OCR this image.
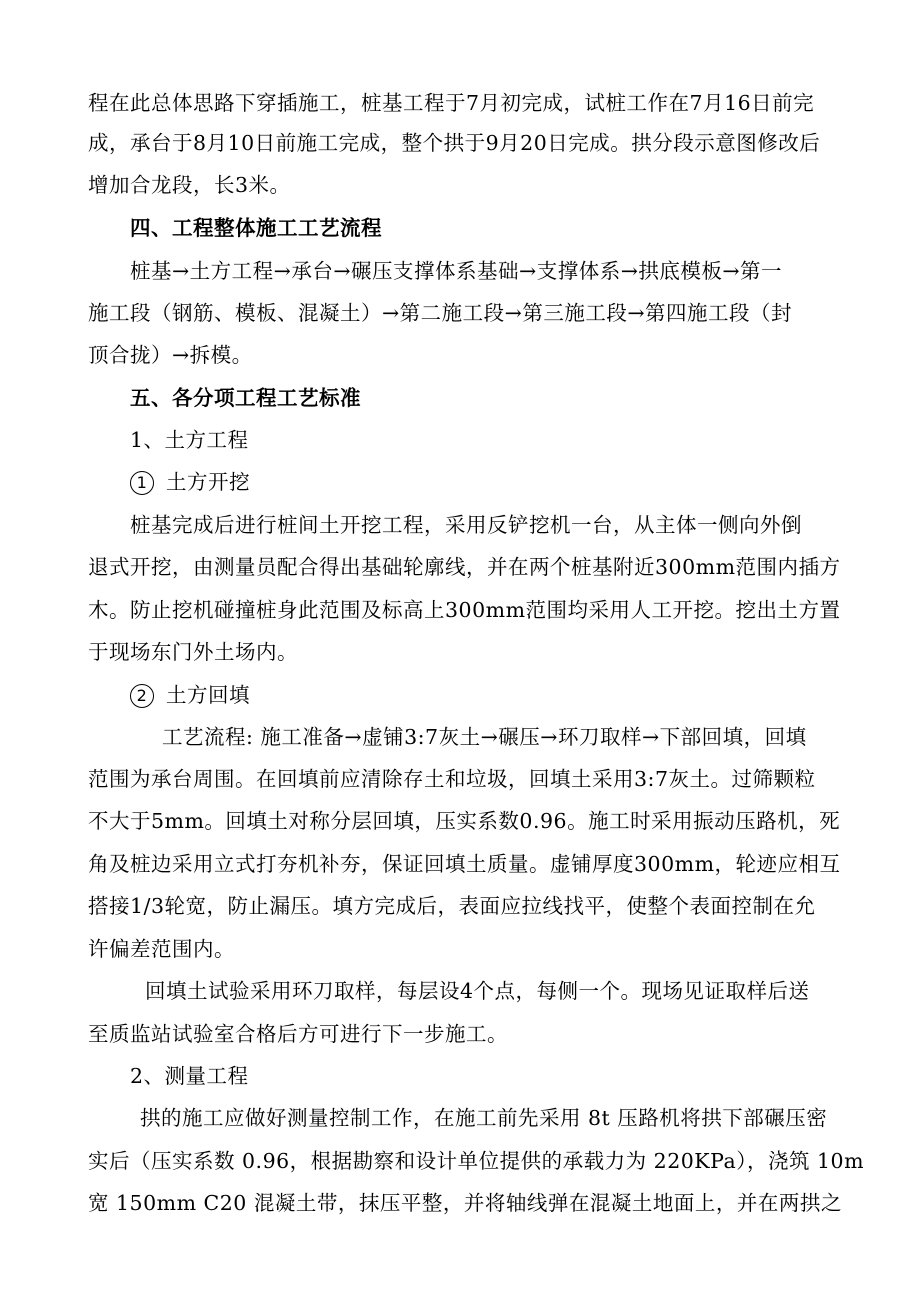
程在此总体思路下穿插施工，桩基工程于7月初完成，试桩工作在7月16日前完
成，承台于8月10日前施工完成，整个拱于9月20日完成。拱分段示意图修改后
增加合龙段，长3米。
四、工程整体施工工艺流程
桩基→土方工程→承台→碾压支撑体系基础→支撑体系→拱底模板→第一
施工段（钢筋、模板、混凝土）→第二施工段→第三施工段→第四施工段（封
顶合拢）→拆模。
五、各分项工程工艺标准
1、土方工程
1 土方开挖
桩基完成后进行桩间土开挖工程，采用反铲挖机一台，从主体一侧向外倒
退式开挖，由测量员配合得出基础轮廓线，并在两个桩基附近300mm范围内插方
木。防止挖机碰撞桩身此范围及标高上300mm范围均采用人工开挖。挖出土方置
于现场东门外土场内。
2 土方回填
工艺流程: 施工准备→虚铺3:7灰土→碾压→环刀取样→下部回填，回填
范围为承台周围。在回填前应清除存土和垃圾，回填土采用3:7灰土。过筛颗粒
不大于5mm。回填土对称分层回填，压实系数0.96。施工时采用振动压路机，死
角及桩边采用立式打夯机补夯，保证回填土质量。虚铺厚度300mm，轮迹应相互
搭接1/3轮宽，防止漏压。填方完成后，表面应拉线找平，使整个表面控制在允
许偏差范围内。
回填土试验采用环刀取样，每层设4个点，每侧一个。现场见证取样后送
至质监站试验室合格后方可进行下一步施工。
2、测量工程
拱的施工应做好测量控制工作，在施工前先采用 8t 压路机将拱下部碾压密
实后（压实系数 0.96，根据勘察和设计单位提供的承载力为 220KPa），浇筑 10m
宽 150mm C20 混凝土带，抹压平整，并将轴线弹在混凝土地面上，并在两拱之
